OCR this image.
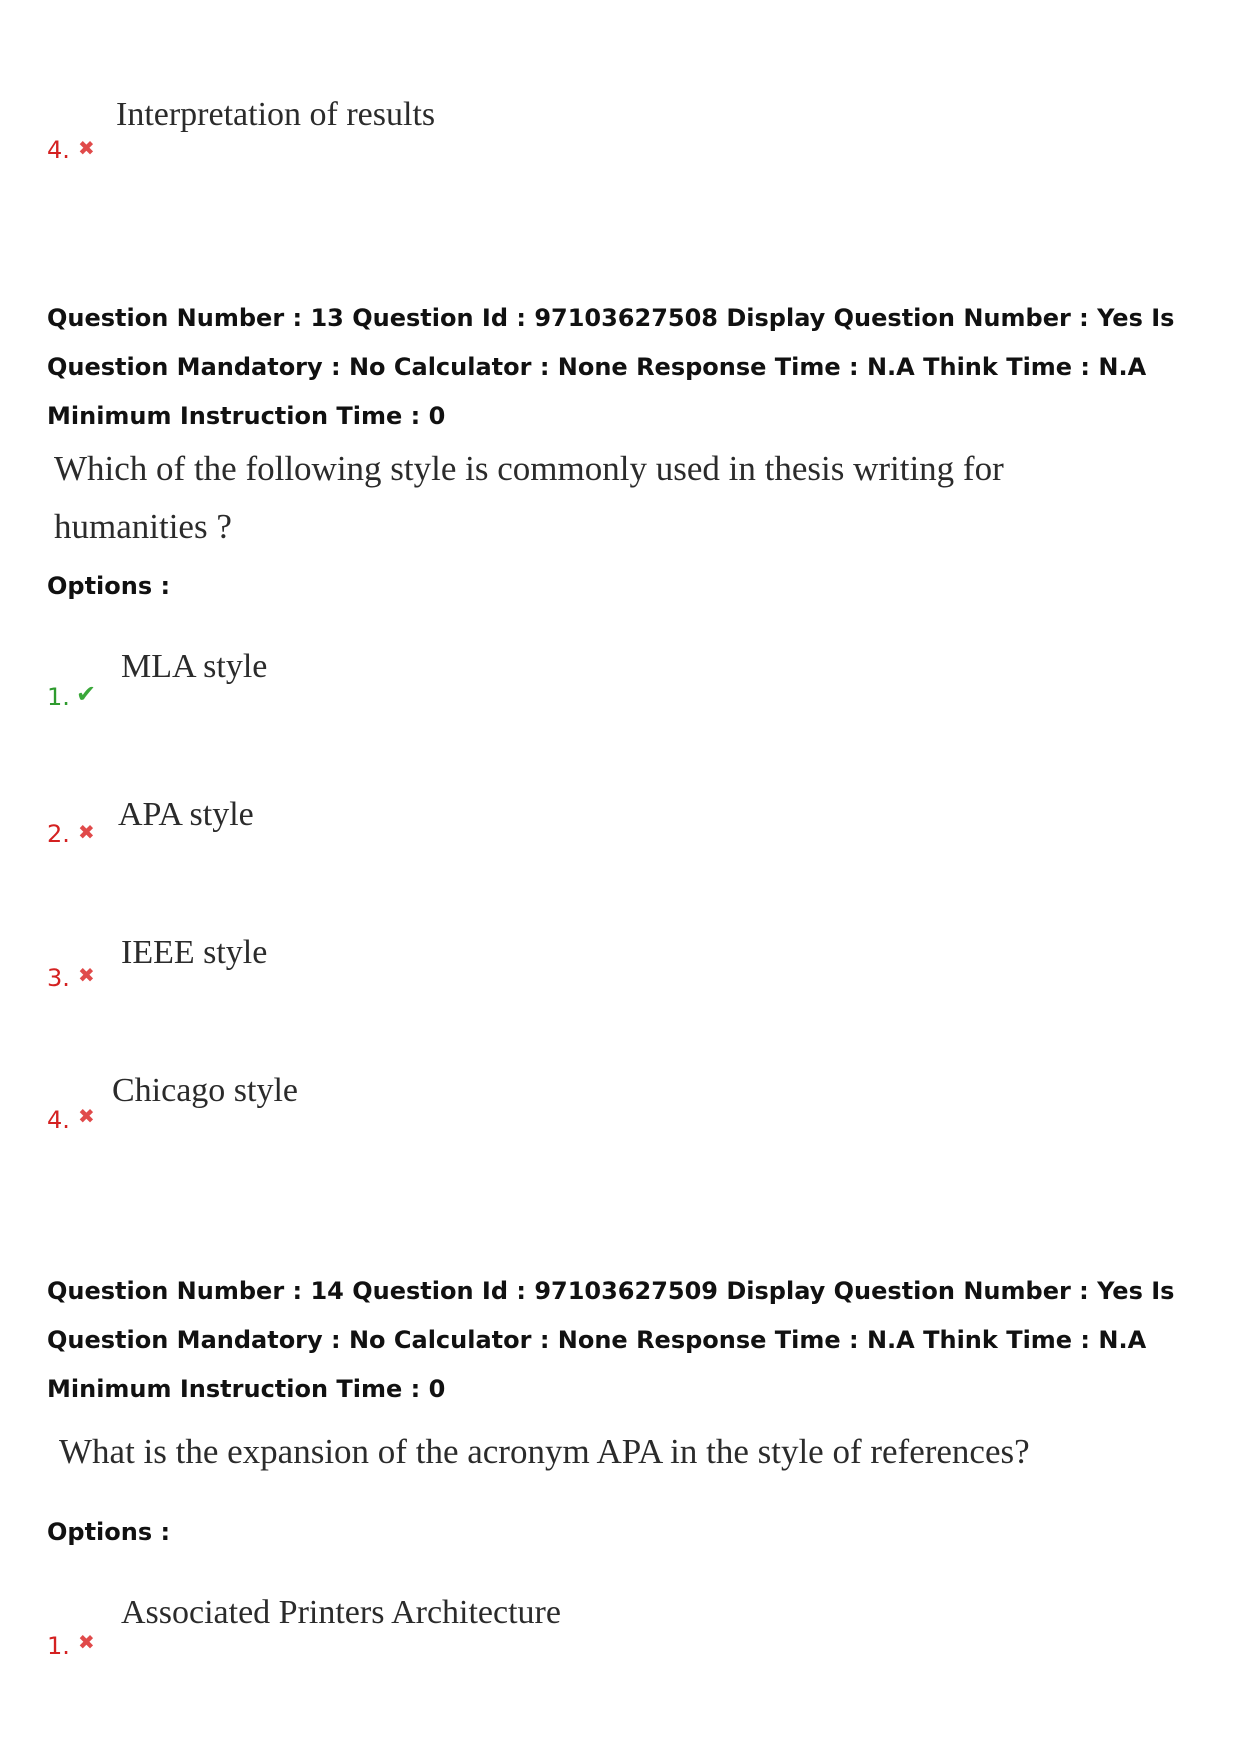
4. ✖
Interpretation of results
Question Number : 13 Question Id : 97103627508 Display Question Number : Yes Is Question Mandatory : No Calculator : None Response Time : N.A Think Time : N.A Minimum Instruction Time : 0
Which of the following style is commonly used in thesis writing for
humanities ?
Options :
1. ✔
MLA style
2. ✖ APA style
3. ✖
IEEE style
4. ✖
Chicago style
Question Number : 14 Question Id : 97103627509 Display Question Number : Yes Is Question Mandatory : No Calculator : None Response Time : N.A Think Time : N.A Minimum Instruction Time : 0
What is the expansion of the acronym APA in the style of references?
Options :
1. ✖
Associated Printers Architecture
